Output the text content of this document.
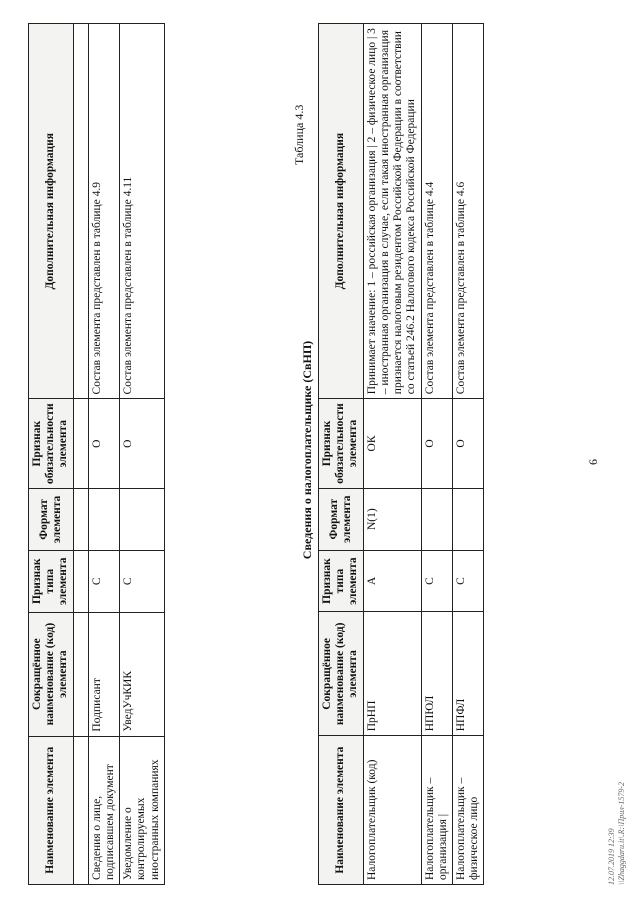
Наименование элемента	Сокращённое наименование (код) элемента	Признак типа элемента	Формат элемента	Признак обязательности элемента	Дополнительная информация

Сведения о лице, подписавшем документ	Подписант	С		О	Состав элемента представлен в таблице 4.9
Уведомление о контролируемых иностранных компаниях	УведУчКИК	С		О	Состав элемента представлен в таблице 4.11
6
Таблица 4.3
Сведения о налогоплательщике (СвНП)
Наименование элемента	Сокращённое наименование (код) элемента	Признак типа элемента	Формат элемента	Признак обязательности элемента	Дополнительная информация
Налогоплательщик (код)	ПрНП	А	N(1)	ОК	Принимает значение: 1 – российская организация | 2 – физическое лицо | 3 – иностранная организация в случае, если такая иностранная организация признается налоговым резидентом Российской Федерации в соответствии со статьей 246.2 Налогового кодекса Российской Федерации
Налогоплательщик – организация |	НПЮЛ	С		О	Состав элемента представлен в таблице 4.4
Налогоплательщик – физическое лицо	НПФЛ	С		О	Состав элемента представлен в таблице 4.6
12.07.2019 12:39 \\Zhaggdaru.it\.R:\Прил-1579-2
